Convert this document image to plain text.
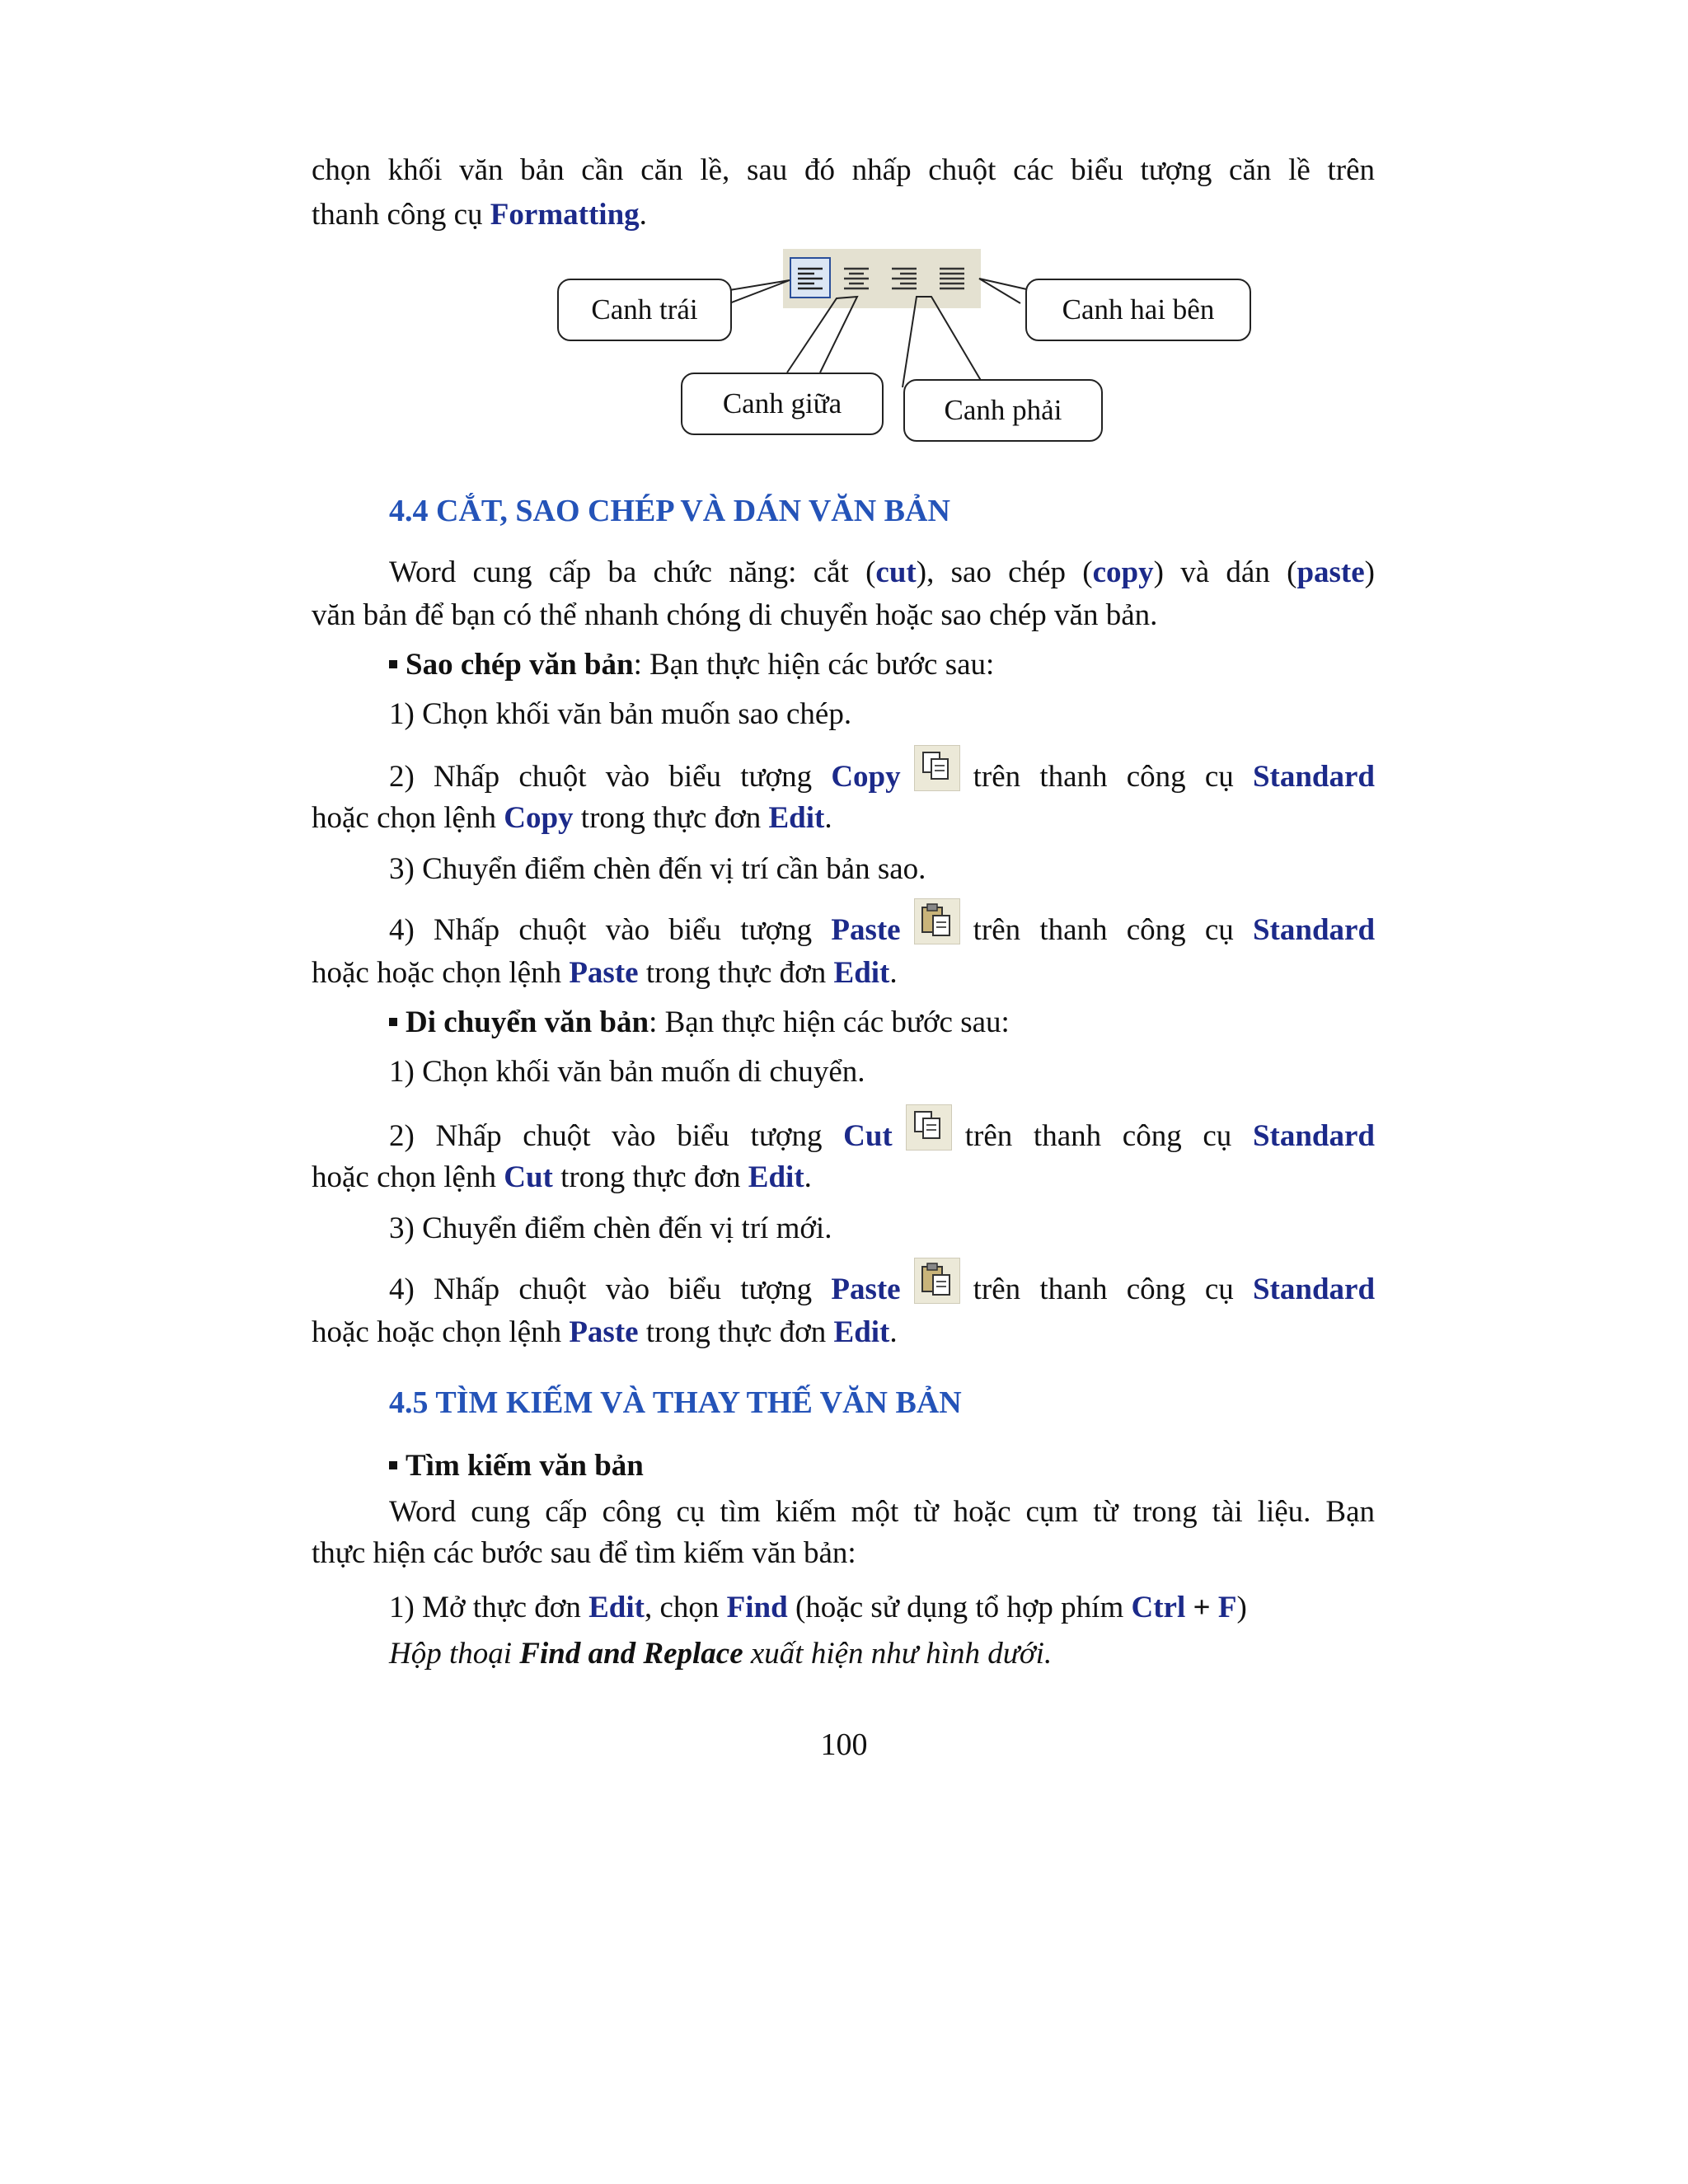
chọn khối văn bản cần căn lề, sau đó nhấp chuột các biểu tượng căn lề trên

thanh công cụ Formatting.

Canh trái	Canh hai bên
Canh giữa	Canh phải
4.4 CẮT, SAO CHÉP VÀ DÁN VĂN BẢN

Word cung cấp ba chức năng: cắt (cut), sao chép (copy) và dán (paste)

văn bản để bạn có thể nhanh chóng di chuyển hoặc sao chép văn bản.

Sao chép văn bản: Bạn thực hiện các bước sau:

1) Chọn khối văn bản muốn sao chép.

2) Nhấp chuột vào biểu tượng Copy trên thanh công cụ Standard

hoặc chọn lệnh Copy trong thực đơn Edit.

3) Chuyển điểm chèn đến vị trí cần bản sao.

4) Nhấp chuột vào biểu tượng Paste trên thanh công cụ Standard

hoặc hoặc chọn lệnh Paste trong thực đơn Edit.

Di chuyển văn bản: Bạn thực hiện các bước sau:

1) Chọn khối văn bản muốn di chuyển.

2) Nhấp chuột vào biểu tượng Cut trên thanh công cụ Standard

hoặc chọn lệnh Cut trong thực đơn Edit.

3) Chuyển điểm chèn đến vị trí mới.

4) Nhấp chuột vào biểu tượng Paste trên thanh công cụ Standard

hoặc hoặc chọn lệnh Paste trong thực đơn Edit.

4.5 TÌM KIẾM VÀ THAY THẾ VĂN BẢN

Tìm kiếm văn bản

Word cung cấp công cụ tìm kiếm một từ hoặc cụm từ trong tài liệu. Bạn

thực hiện các bước sau để tìm kiếm văn bản:

1) Mở thực đơn Edit, chọn Find (hoặc sử dụng tổ hợp phím Ctrl + F)

Hộp thoại Find and Replace xuất hiện như hình dưới.

100
